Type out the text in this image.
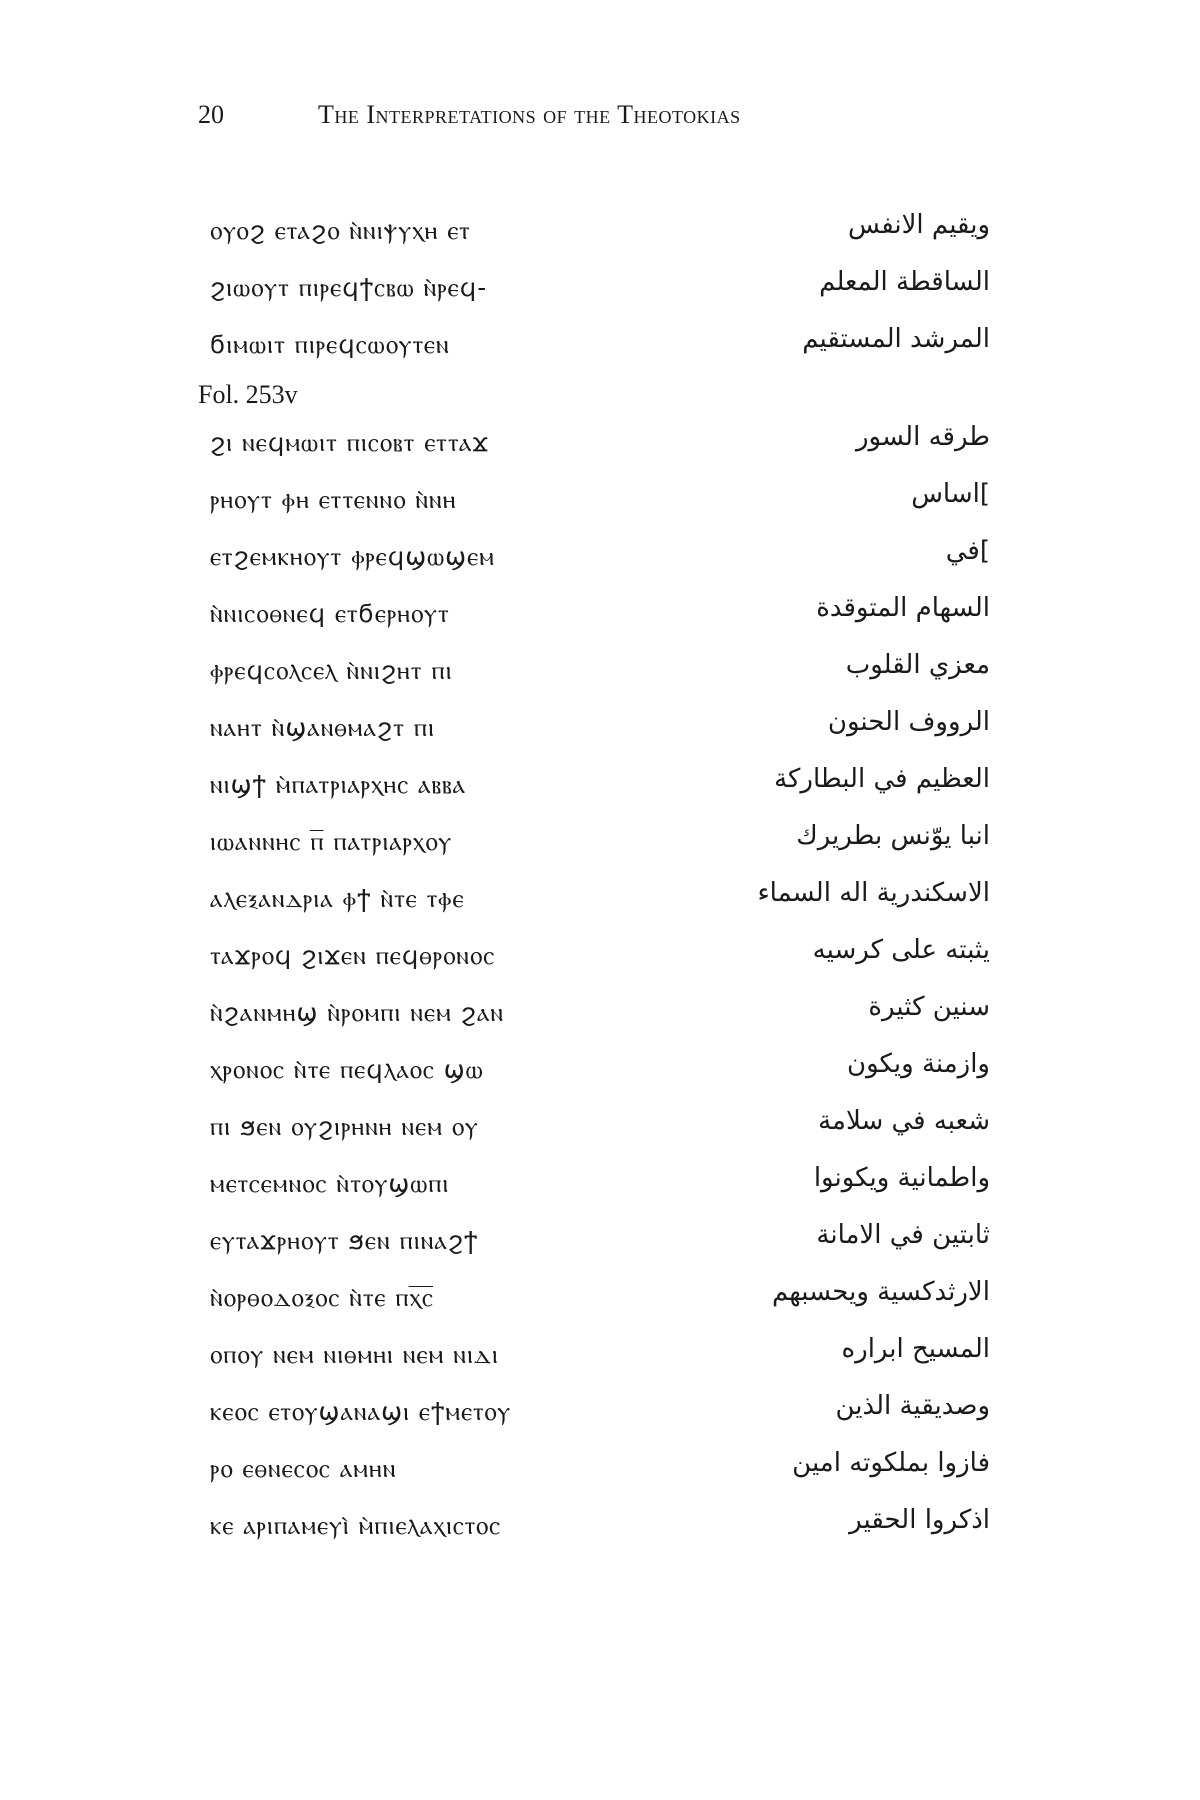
20	The Interpretations of the Theotokias
Fol. 253v
ⲟⲩⲟϩ ⲉⲧⲁϩⲟ ⲛ̀ⲛⲓⲯⲩⲭⲏ ⲉⲧ	ويقيم الانفس
ϩⲓⲱⲟⲩⲧ ⲡⲓⲣⲉϥϯⲥⲃⲱ ⲛ̀ⲣⲉϥ-	الساقطة المعلم
ϭⲓⲙⲱⲓⲧ ⲡⲓⲣⲉϥⲥⲱⲟⲩⲧⲉⲛ	المرشد المستقيم
ϩⲓ ⲛⲉϥⲙⲱⲓⲧ ⲡⲓⲥⲟⲃⲧ ⲉⲧⲧⲁϫ	طرقه السور
ⲣⲏⲟⲩⲧ ⲫⲏ ⲉⲧⲧⲉⲛⲛⲟ ⲛ̀ⲛⲏ	]اساس
ⲉⲧϩⲉⲙⲕⲏⲟⲩⲧ ⲫⲣⲉϥϣⲱϣⲉⲙ	]في
ⲛ̀ⲛⲓⲥⲟⲑⲛⲉϥ ⲉⲧϭⲉⲣⲏⲟⲩⲧ	السهام المتوقدة
ⲫⲣⲉϥⲥⲟⲗⲥⲉⲗ ⲛ̀ⲛⲓϩⲏⲧ ⲡⲓ	معزي القلوب
ⲛⲁⲏⲧ ⲛ̀ϣⲁⲛⲑⲙⲁϩⲧ ⲡⲓ	الرووف الحنون
ⲛⲓϣϯ ⲙ̀ⲡⲁⲧⲣⲓⲁⲣⲭⲏⲥ ⲁⲃⲃⲁ	العظيم في البطاركة
ⲓⲱⲁⲛⲛⲏⲥ ⲡ̅ ⲡⲁⲧⲣⲓⲁⲣⲭⲟⲩ	انبا يوّنس بطريرك
ⲁⲗⲉⲝⲁⲛⲇⲣⲓⲁ ⲫϯ ⲛ̀ⲧⲉ ⲧⲫⲉ	الاسكندرية اله السماء
ⲧⲁϫⲣⲟϥ ϩⲓϫⲉⲛ ⲡⲉϥⲑⲣⲟⲛⲟⲥ	يثبته على كرسيه
ⲛ̀ϩⲁⲛⲙⲏϣ ⲛ̀ⲣⲟⲙⲡⲓ ⲛⲉⲙ ϩⲁⲛ	سنين كثيرة
ⲭⲣⲟⲛⲟⲥ ⲛ̀ⲧⲉ ⲡⲉϥⲗⲁⲟⲥ ϣⲱ	وازمنة ويكون
ⲡⲓ ϧⲉⲛ ⲟⲩϩⲓⲣⲏⲛⲏ ⲛⲉⲙ ⲟⲩ	شعبه في سلامة
ⲙⲉⲧⲥⲉⲙⲛⲟⲥ ⲛ̀ⲧⲟⲩϣⲱⲡⲓ	واطمانية ويكونوا
ⲉⲩⲧⲁϫⲣⲏⲟⲩⲧ ϧⲉⲛ ⲡⲓⲛⲁϩϯ	ثابتين في الامانة
ⲛ̀ⲟⲣⲑⲟⲇⲟⲝⲟⲥ ⲛ̀ⲧⲉ ⲡⲭ̅ⲥ̅	الارثدكسية ويحسبهم
ⲟⲡⲟⲩ ⲛⲉⲙ ⲛⲓⲑⲙⲏⲓ ⲛⲉⲙ ⲛⲓⲇⲓ	المسيح ابراره
ⲕⲉⲟⲥ ⲉⲧⲟⲩϣⲁⲛⲁϣⲓ ⲉϯⲙⲉⲧⲟⲩ	وصديقية الذين
ⲣⲟ ⲉⲑⲛⲉⲥⲟⲥ ⲁⲙⲏⲛ	فازوا بملكوته امين
ⲕⲉ ⲁⲣⲓⲡⲁⲙⲉⲩⲓ̀ ⲙ̀ⲡⲓⲉⲗⲁⲭⲓⲥⲧⲟⲥ	اذكروا الحقير
